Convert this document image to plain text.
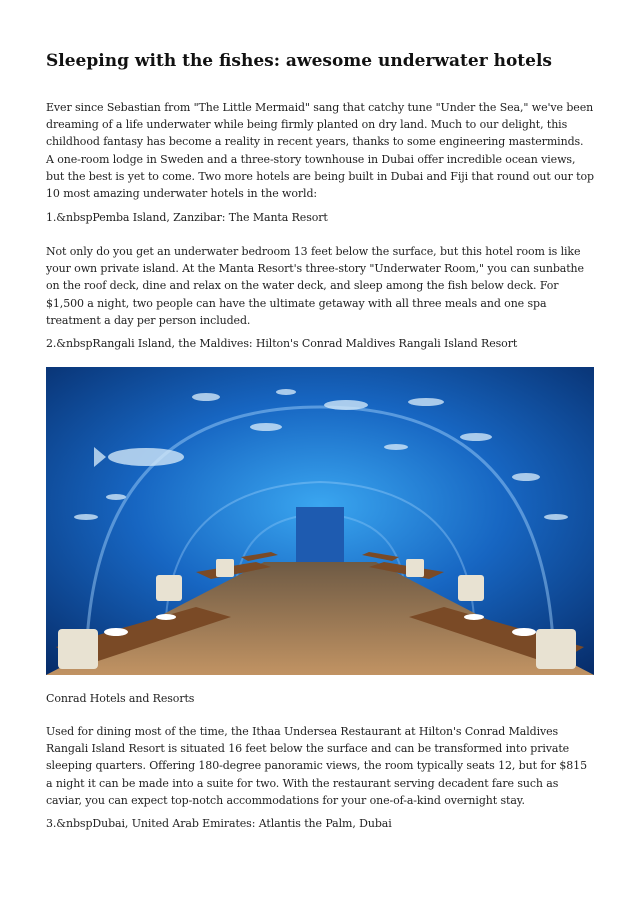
Sleeping with the fishes: awesome underwater hotels

Ever since Sebastian from "The Little Mermaid" sang that catchy tune "Under the Sea," we've been dreaming of a life underwater while being firmly planted on dry land. Much to our delight, this childhood fantasy has become a reality in recent years, thanks to some engineering masterminds. A one-room lodge in Sweden and a three-story townhouse in Dubai offer incredible ocean views, but the best is yet to come. Two more hotels are being built in Dubai and Fiji that round out our top 10 most amazing underwater hotels in the world:

1.&nbspPemba Island, Zanzibar: The Manta Resort

Not only do you get an underwater bedroom 13 feet below the surface, but this hotel room is like your own private island. At the Manta Resort's three-story "Underwater Room," you can sunbathe on the roof deck, dine and relax on the water deck, and sleep among the fish below deck. For $1,500 a night, two people can have the ultimate getaway with all three meals and one spa treatment a day per person included.

2.&nbspRangali Island, the Maldives: Hilton's Conrad Maldives Rangali Island Resort

Conrad Hotels and Resorts

Used for dining most of the time, the Ithaa Undersea Restaurant at Hilton's Conrad Maldives Rangali Island Resort is situated 16 feet below the surface and can be transformed into private sleeping quarters. Offering 180-degree panoramic views, the room typically seats 12, but for $815 a night it can be made into a suite for two. With the restaurant serving decadent fare such as caviar, you can expect top-notch accommodations for your one-of-a-kind overnight stay.

3.&nbspDubai, United Arab Emirates: Atlantis the Palm, Dubai
